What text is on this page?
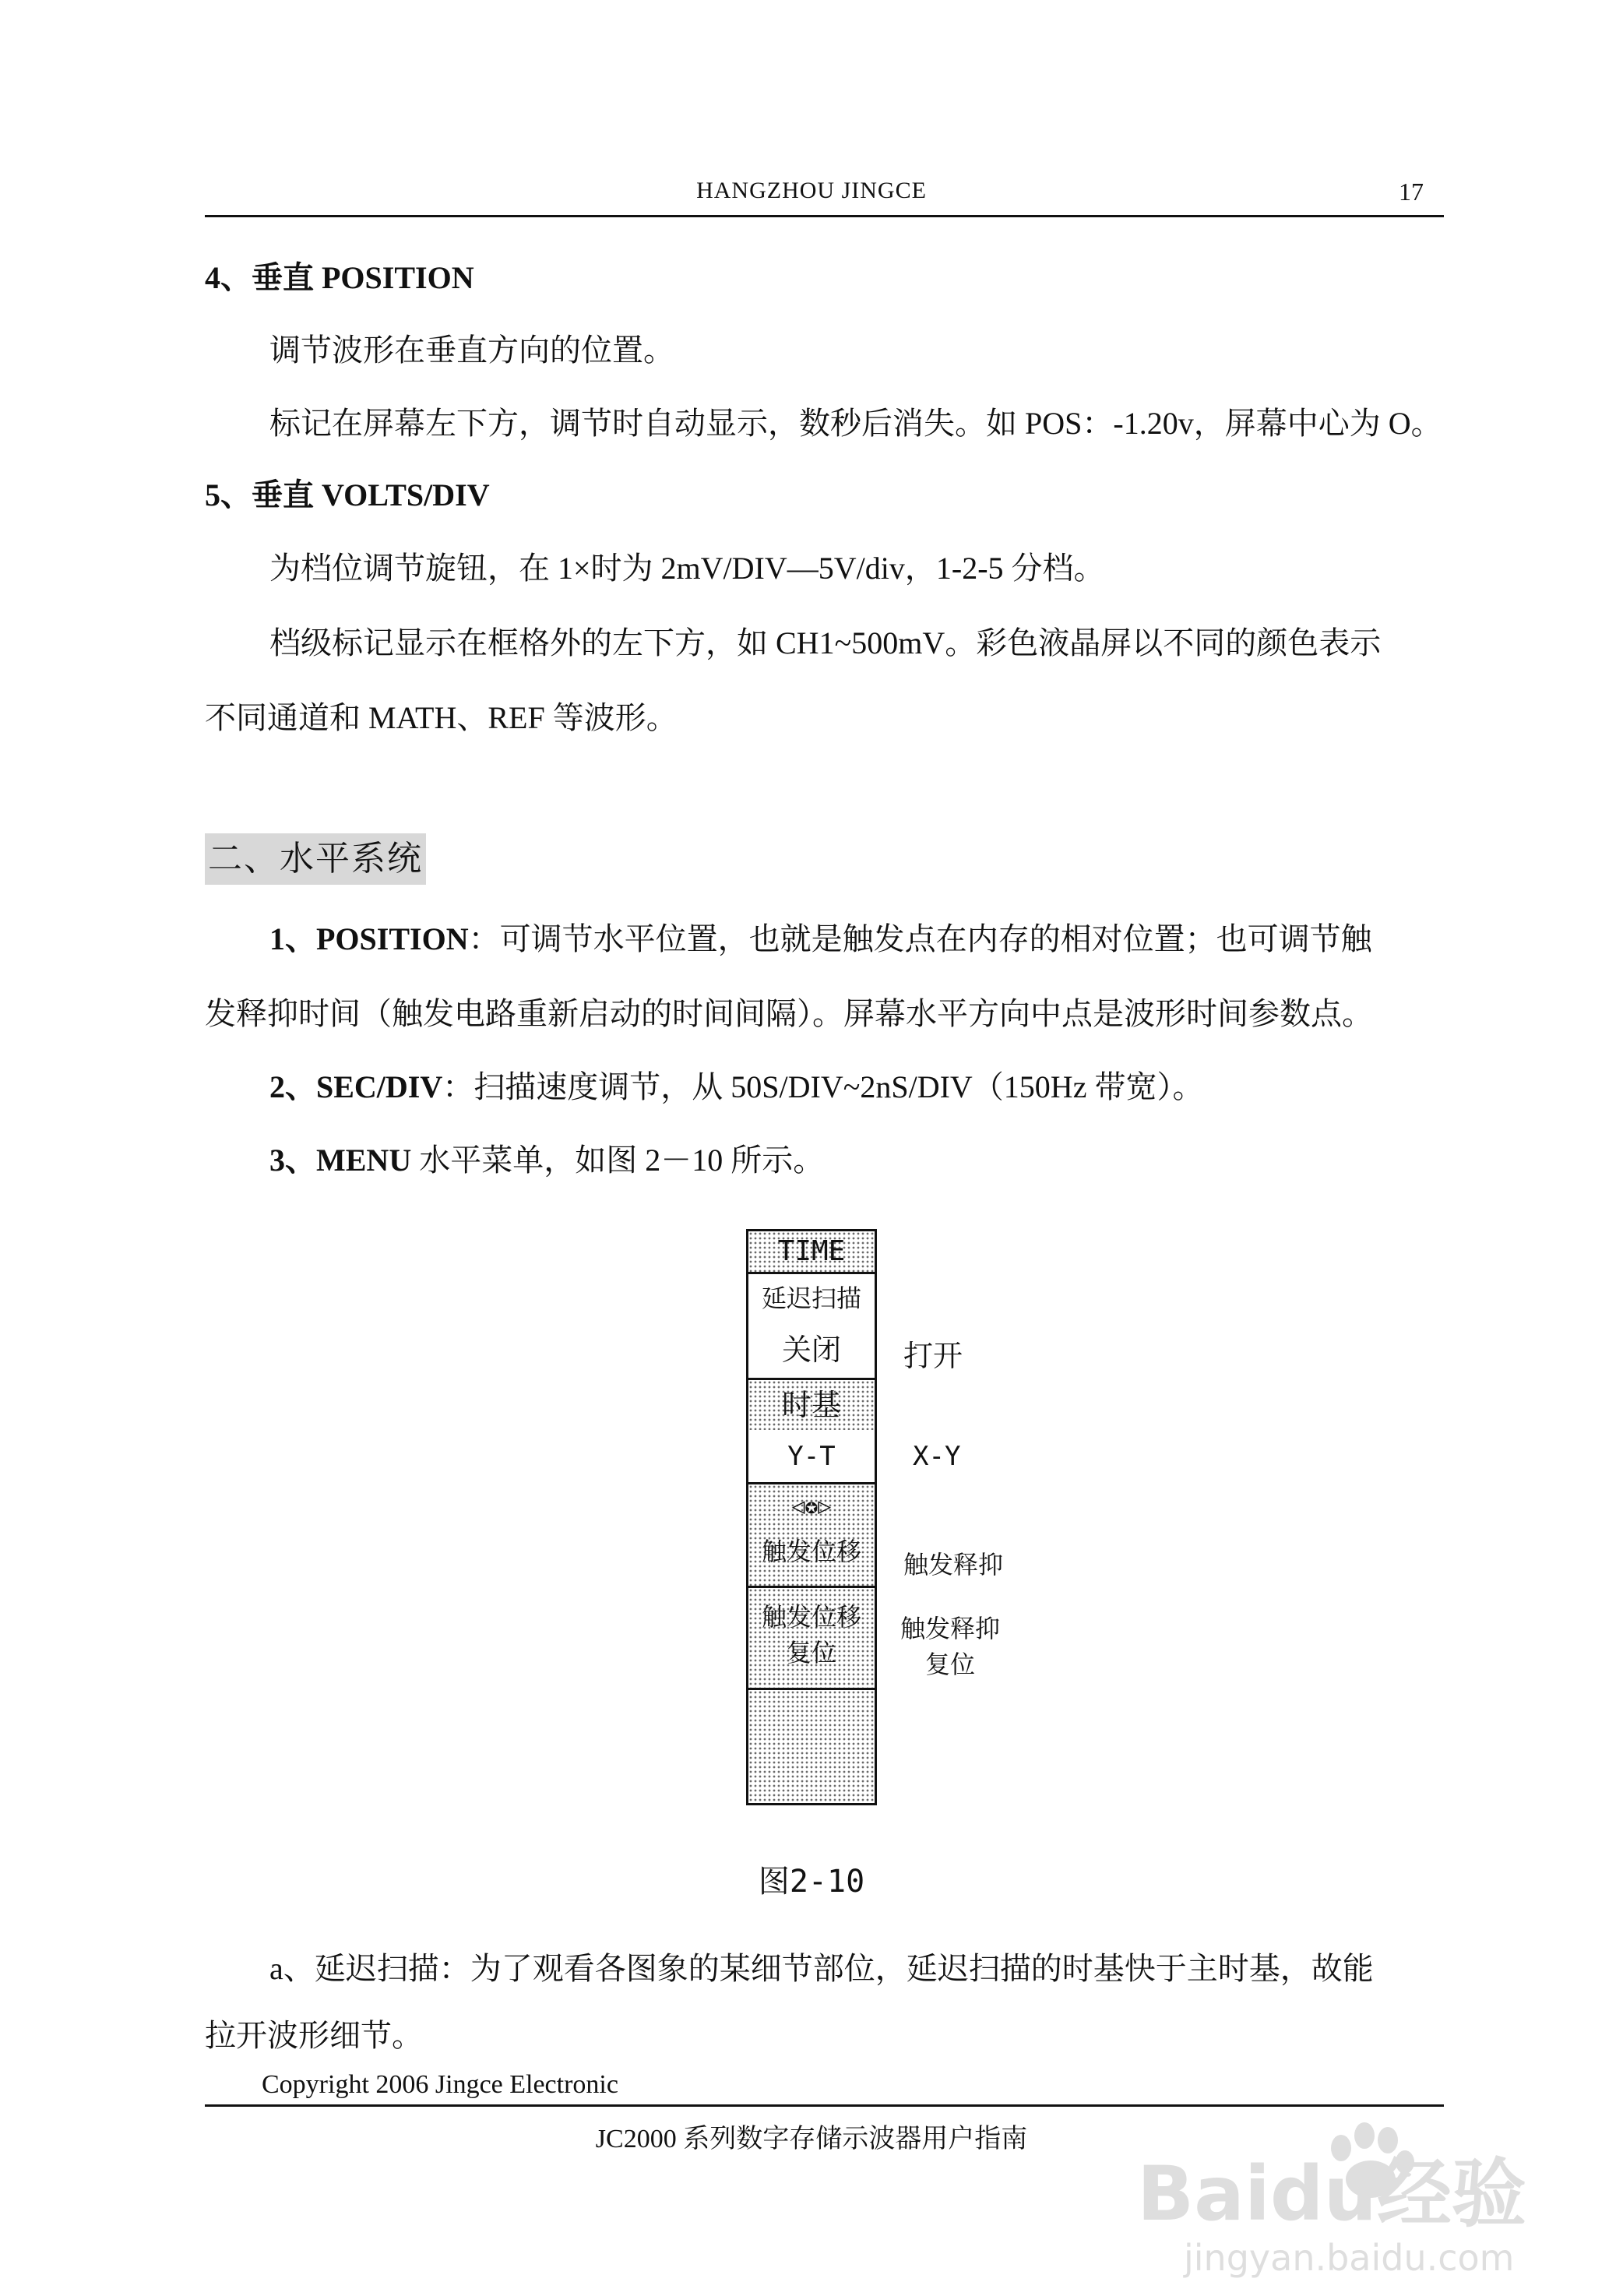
HANGZHOU JINGCE	17
4、垂直 POSITION
调节波形在垂直方向的位置。
标记在屏幕左下方，调节时自动显示，数秒后消失。如 POS：-1.20v，屏幕中心为 O。
5、垂直 VOLTS/DIV
为档位调节旋钮，在 1×时为 2mV/DIV—5V/div，1-2-5 分档。
档级标记显示在框格外的左下方，如 CH1~500mV。彩色液晶屏以不同的颜色表示
不同通道和 MATH、REF 等波形。
二、水平系统
1、POSITION：可调节水平位置，也就是触发点在内存的相对位置；也可调节触
发释抑时间（触发电路重新启动的时间间隔）。屏幕水平方向中点是波形时间参数点。
2、SEC/DIV：扫描速度调节，从 50S/DIV~2nS/DIV（150Hz 带宽）。
3、MENU 水平菜单，如图 2－10 所示。
TIME
延迟扫描
关闭
时基
Y-T
◁✪▷
触发位移
触发位移
复位
打开
X-Y
触发释抑
触发释抑
复位
图2-10
a、延迟扫描：为了观看各图象的某细节部位，延迟扫描的时基快于主时基，故能
拉开波形细节。
Copyright 2006 Jingce Electronic
JC2000 系列数字存储示波器用户指南
Baidu经验
jingyan.baidu.com
